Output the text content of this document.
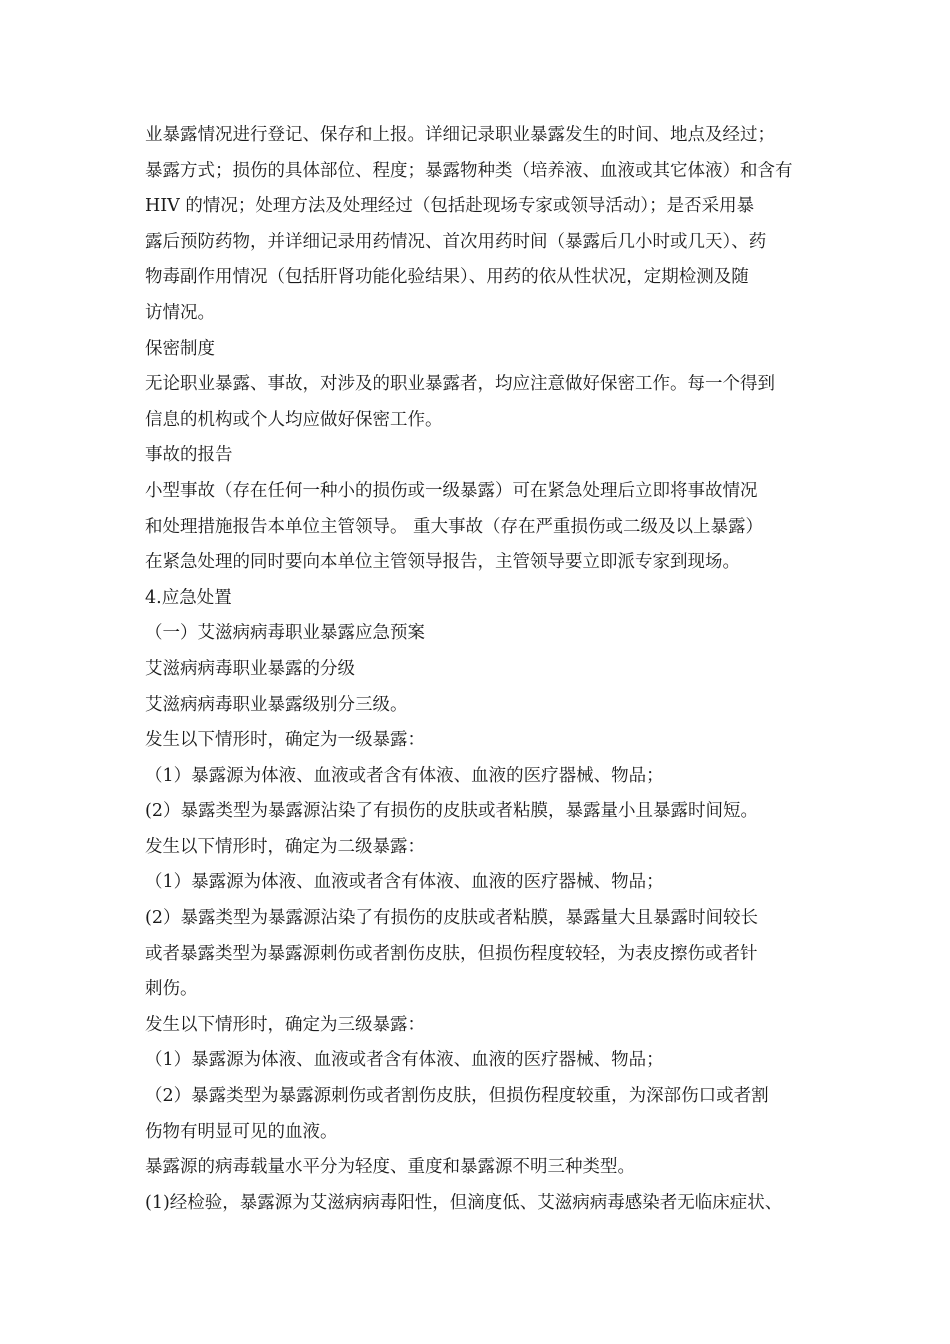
业暴露情况进行登记、保存和上报。详细记录职业暴露发生的时间、地点及经过；
暴露方式；损伤的具体部位、程度；暴露物种类（培养液、血液或其它体液）和含有
HIV 的情况；处理方法及处理经过（包括赴现场专家或领导活动）；是否采用暴
露后预防药物，并详细记录用药情况、首次用药时间（暴露后几小时或几天）、药
物毒副作用情况（包括肝肾功能化验结果）、用药的依从性状况，定期检测及随
访情况。
保密制度
无论职业暴露、事故，对涉及的职业暴露者，均应注意做好保密工作。每一个得到
信息的机构或个人均应做好保密工作。
事故的报告
小型事故（存在任何一种小的损伤或一级暴露）可在紧急处理后立即将事故情况
和处理措施报告本单位主管领导。 重大事故（存在严重损伤或二级及以上暴露）
在紧急处理的同时要向本单位主管领导报告，主管领导要立即派专家到现场。
4.应急处置
（一）艾滋病病毒职业暴露应急预案
艾滋病病毒职业暴露的分级
艾滋病病毒职业暴露级别分三级。
发生以下情形时，确定为一级暴露：
（1）暴露源为体液、血液或者含有体液、血液的医疗器械、物品；
(2）暴露类型为暴露源沾染了有损伤的皮肤或者粘膜，暴露量小且暴露时间短。
发生以下情形时，确定为二级暴露：
（1）暴露源为体液、血液或者含有体液、血液的医疗器械、物品；
(2）暴露类型为暴露源沾染了有损伤的皮肤或者粘膜，暴露量大且暴露时间较长
或者暴露类型为暴露源刺伤或者割伤皮肤，但损伤程度较轻，为表皮擦伤或者针
刺伤。
发生以下情形时，确定为三级暴露：
（1）暴露源为体液、血液或者含有体液、血液的医疗器械、物品；
（2）暴露类型为暴露源刺伤或者割伤皮肤，但损伤程度较重，为深部伤口或者割
伤物有明显可见的血液。
暴露源的病毒载量水平分为轻度、重度和暴露源不明三种类型。
(1)经检验，暴露源为艾滋病病毒阳性，但滴度低、艾滋病病毒感染者无临床症状、
